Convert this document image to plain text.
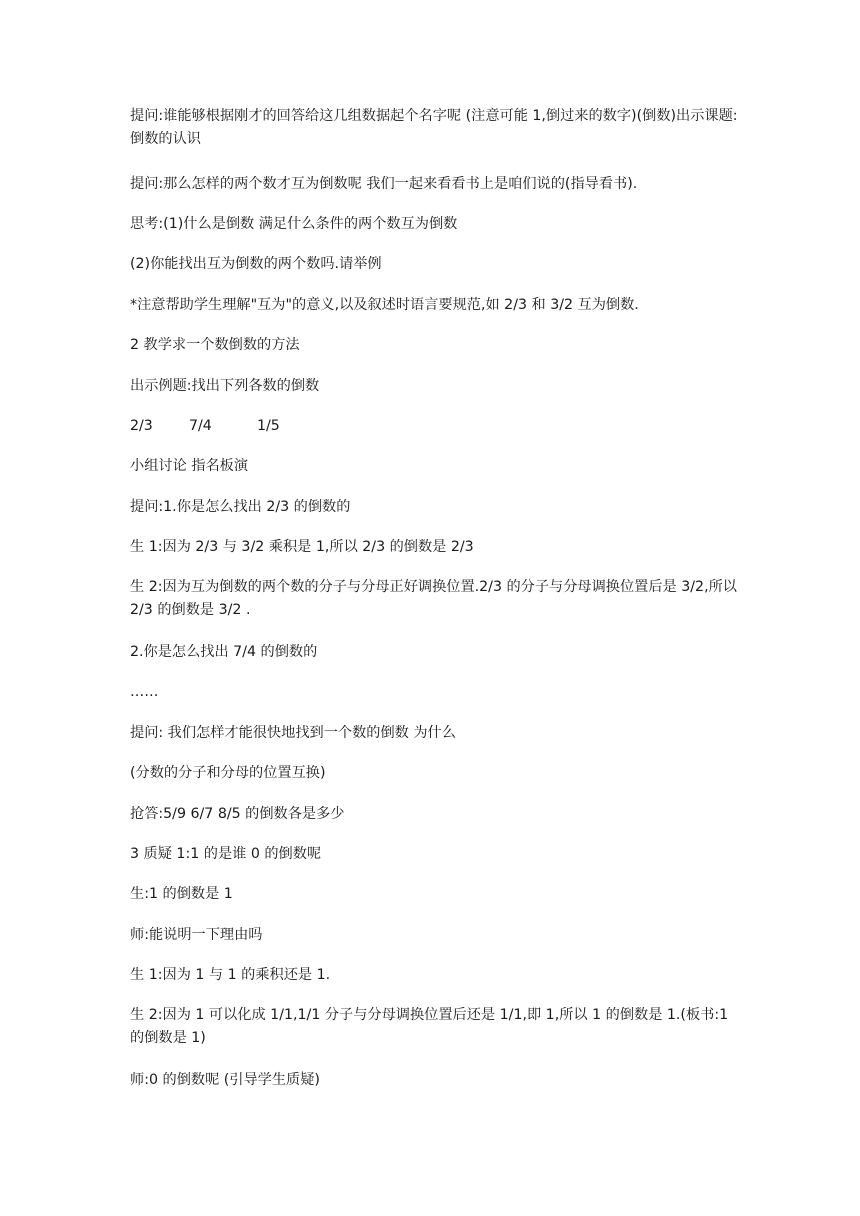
提问:谁能够根据刚才的回答给这几组数据起个名字呢 (注意可能 1,倒过来的数字)(倒数)出示课题:倒数的认识

提问:那么怎样的两个数才互为倒数呢 我们一起来看看书上是咱们说的(指导看书).

思考:(1)什么是倒数 满足什么条件的两个数互为倒数

(2)你能找出互为倒数的两个数吗.请举例

*注意帮助学生理解"互为"的意义,以及叙述时语言要规范,如 2/3 和 3/2 互为倒数.

2 教学求一个数倒数的方法

出示例题:找出下列各数的倒数

2/3	7/4	1/5

小组讨论 指名板演

提问:1.你是怎么找出 2/3 的倒数的

生 1:因为 2/3 与 3/2 乘积是 1,所以 2/3 的倒数是 2/3

生 2:因为互为倒数的两个数的分子与分母正好调换位置.2/3 的分子与分母调换位置后是 3/2,所以 2/3 的倒数是 3/2 .

2.你是怎么找出 7/4 的倒数的

……

提问: 我们怎样才能很快地找到一个数的倒数 为什么

(分数的分子和分母的位置互换)

抢答:5/9 6/7 8/5 的倒数各是多少

3 质疑 1:1 的是谁 0 的倒数呢

生:1 的倒数是 1

师:能说明一下理由吗

生 1:因为 1 与 1 的乘积还是 1.

生 2:因为 1 可以化成 1/1,1/1 分子与分母调换位置后还是 1/1,即 1,所以 1 的倒数是 1.(板书:1 的倒数是 1)

师:0 的倒数呢 (引导学生质疑)
